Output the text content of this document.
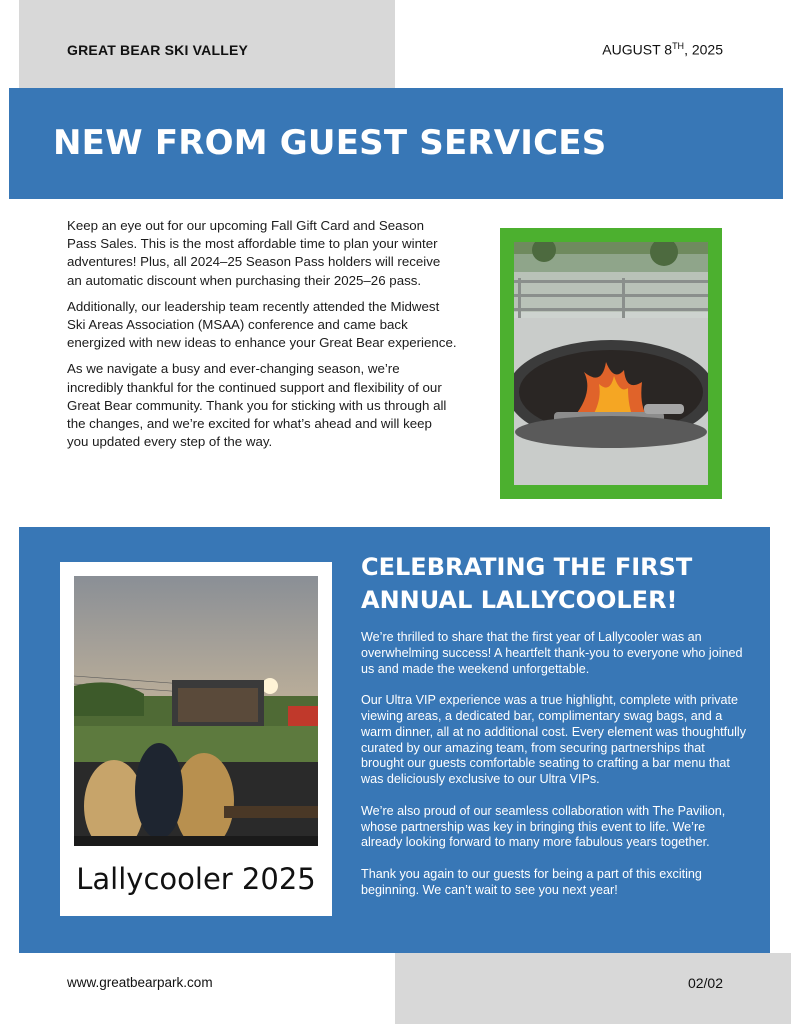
GREAT BEAR SKI VALLEY	AUGUST 8TH, 2025
NEW FROM GUEST SERVICES

Keep an eye out for our upcoming Fall Gift Card and Season Pass Sales. This is the most affordable time to plan your winter adventures! Plus, all 2024–25 Season Pass holders will receive an automatic discount when purchasing their 2025–26 pass.

Additionally, our leadership team recently attended the Midwest Ski Areas Association (MSAA) conference and came back energized with new ideas to enhance your Great Bear experience.

As we navigate a busy and ever-changing season, we’re incredibly thankful for the continued support and flexibility of our Great Bear community. Thank you for sticking with us through all the changes, and we’re excited for what’s ahead and will keep you updated every step of the way.

Lallycooler 2025
CELEBRATING THE FIRST ANNUAL LALLYCOOLER!

We’re thrilled to share that the first year of Lallycooler was an overwhelming success! A heartfelt thank-you to everyone who joined us and made the weekend unforgettable.

Our Ultra VIP experience was a true highlight, complete with private viewing areas, a dedicated bar, complimentary swag bags, and a warm dinner, all at no additional cost. Every element was thoughtfully curated by our amazing team, from securing partnerships that brought our guests comfortable seating to crafting a bar menu that was deliciously exclusive to our Ultra VIPs.

We’re also proud of our seamless collaboration with The Pavilion, whose partnership was key in bringing this event to life. We’re already looking forward to many more fabulous years together.

Thank you again to our guests for being a part of this exciting beginning. We can’t wait to see you next year!

www.greatbearpark.com	02/02
